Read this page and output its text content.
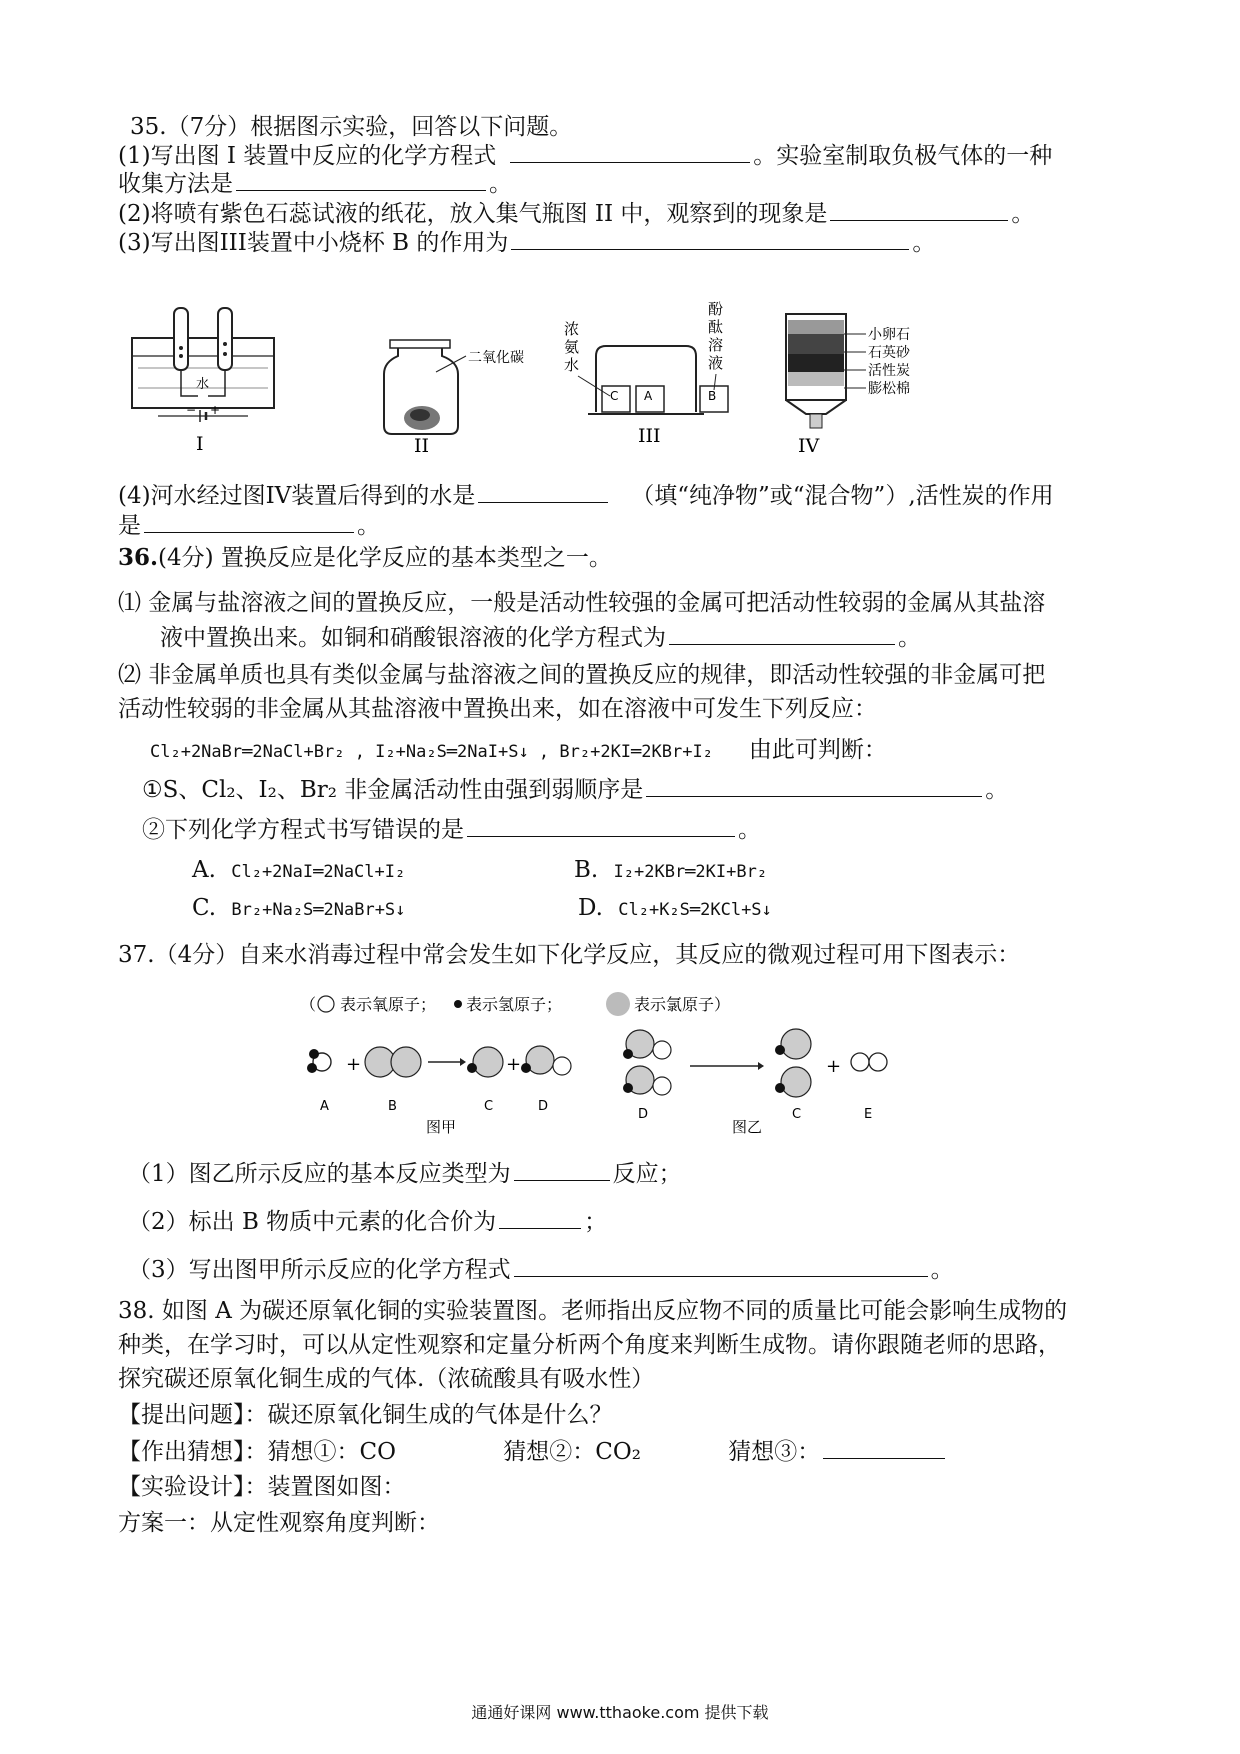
35.（7分）根据图示实验，回答以下问题。
(1)写出图 I 装置中反应的化学方程式	。实验室制取负极气体的一种
收集方法是	。
(2)将喷有紫色石蕊试液的纸花，放入集气瓶图 II 中，观察到的现象是	。
(3)写出图III装置中小烧杯 B 的作用为	。
水
− +
I
二氧化碳
II
浓
氨
水
酚
酞
溶
液
C A	B
III
小卵石
石英砂
活性炭
膨松棉
IV
(4)河水经过图IV装置后得到的水是	（填“纯净物”或“混合物”）,活性炭的作用
是	。
36.(4分) 置换反应是化学反应的基本类型之一。
⑴ 金属与盐溶液之间的置换反应，一般是活动性较强的金属可把活动性较弱的金属从其盐溶
液中置换出来。如铜和硝酸银溶液的化学方程式为	。
⑵ 非金属单质也具有类似金属与盐溶液之间的置换反应的规律，即活动性较强的非金属可把
活动性较弱的非金属从其盐溶液中置换出来，如在溶液中可发生下列反应：
Cl₂+2NaBr═2NaCl+Br₂ , I₂+Na₂S═2NaI+S↓ , Br₂+2KI═2KBr+I₂ 由此可判断：
①S、Cl₂、I₂、Br₂ 非金属活动性由强到弱顺序是	。
②下列化学方程式书写错误的是	。
A. Cl₂+2NaI═2NaCl+I₂	B. I₂+2KBr═2KI+Br₂
C. Br₂+Na₂S═2NaBr+S↓	D. Cl₂+K₂S═2KCl+S↓
37.（4分）自来水消毒过程中常会发生如下化学反应，其反应的微观过程可用下图表示：
（ 表示氧原子； 表示氢原子；	表示氯原子）
+	+
A	B	C	D
图甲
+
D	C	E
图乙
（1）图乙所示反应的基本反应类型为	反应；
（2）标出 B 物质中元素的化合价为	；
（3）写出图甲所示反应的化学方程式	。
38. 如图 A 为碳还原氧化铜的实验装置图。老师指出反应物不同的质量比可能会影响生成物的
种类，在学习时，可以从定性观察和定量分析两个角度来判断生成物。请你跟随老师的思路，
探究碳还原氧化铜生成的气体.（浓硫酸具有吸水性）
【提出问题】：碳还原氧化铜生成的气体是什么？
【作出猜想】：猜想①：CO	猜想②：CO₂	猜想③：
【实验设计】：装置图如图：
方案一：从定性观察角度判断：
通通好课网 www.tthaoke.com 提供下载
